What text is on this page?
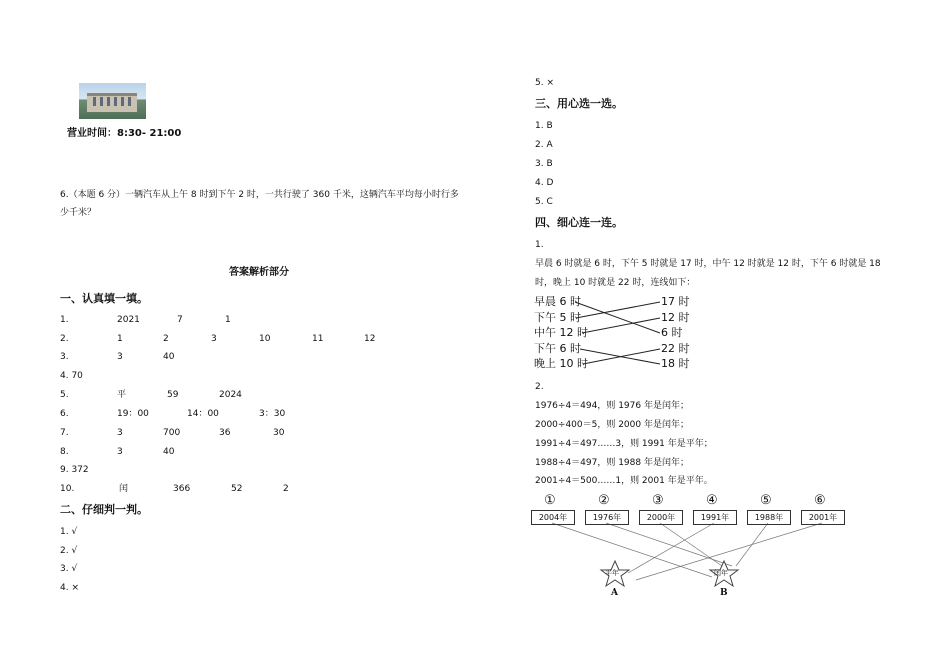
营业时间：8:30- 21:00
6.（本题 6 分）一辆汽车从上午 8 时到下午 2 时，一共行驶了 360 千米，这辆汽车平均每小时行多
少千米？
答案解析部分
一、认真填一填。
1.	2021	7	1
2.	1	2	3	10	11	12
3.	3	40
4. 70
5.	平	59	2024
6.	19：00	14：00	3：30
7.	3	700	36	30
8.	3	40
9. 372
10.	闰	366	52	2
二、仔细判一判。
1. √
2. √
3. √
4. ×
5. ×
三、用心选一选。
1. B
2. A
3. B
4. D
5. C
四、细心连一连。
1.
早晨 6 时就是 6 时，下午 5 时就是 17 时，中午 12 时就是 12 时，下午 6 时就是 18
时，晚上 10 时就是 22 时，连线如下：
早晨 6 时
下午 5 时
中午 12 时
下午 6 时
晚上 10 时
17 时
12 时
6 时
22 时
18 时
2.
1976÷4＝494，则 1976 年是闰年；
2000÷400＝5，则 2000 年是闰年；
1991÷4＝497……3，则 1991 年是平年；
1988÷4＝497，则 1988 年是闰年；
2001÷4＝500……1，则 2001 年是平年。
①	②	③	④	⑤	⑥
2004年	1976年	2000年	1991年	1988年	2001年
平年	闰年
A	B
